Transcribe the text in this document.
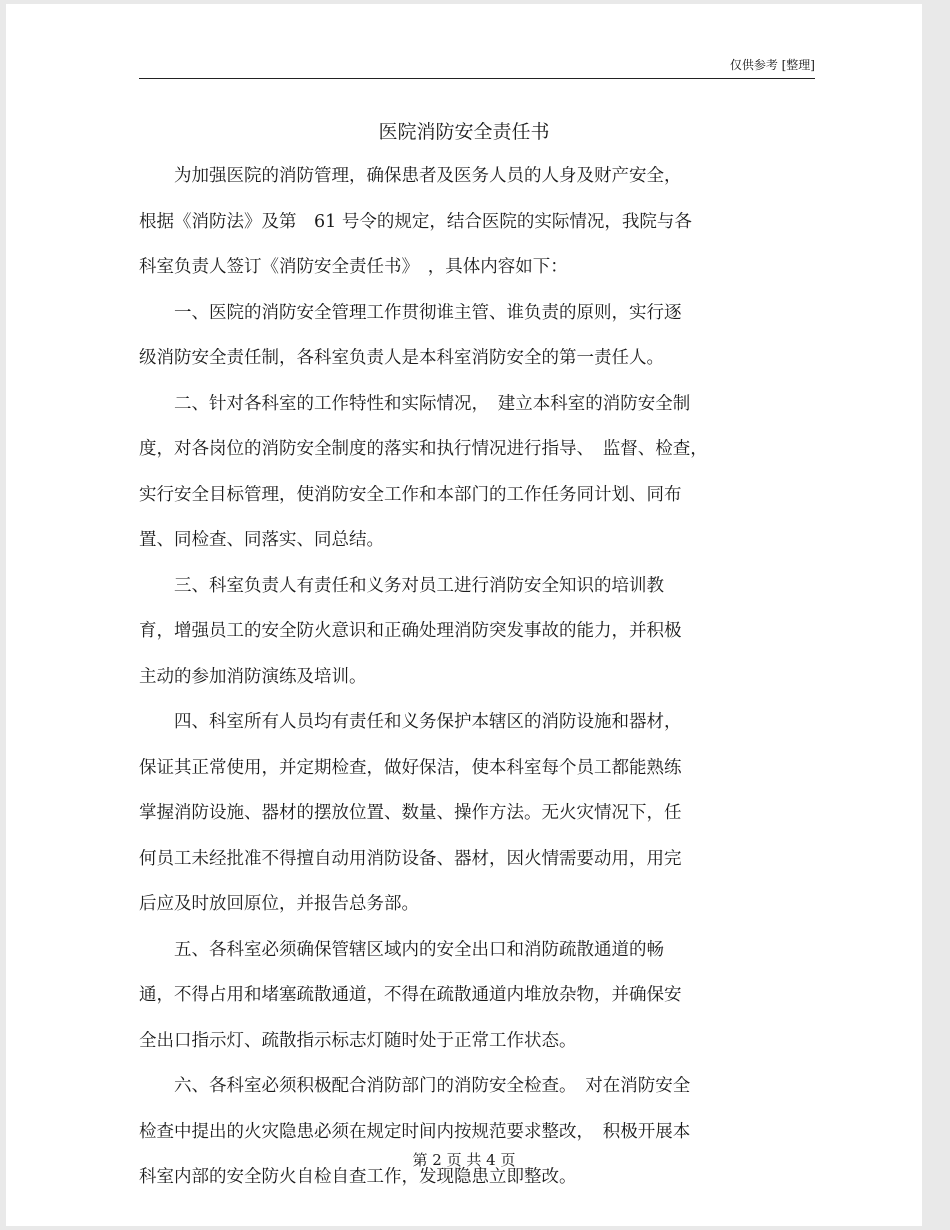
仅供参考 [整理]
医院消防安全责任书
　　为加强医院的消防管理，确保患者及医务人员的人身及财产安全，
根据《消防法》及第　61 号令的规定，结合医院的实际情况，我院与各
科室负责人签订《消防安全责任书》　，具体内容如下：
　　一、医院的消防安全管理工作贯彻谁主管、谁负责的原则，实行逐
级消防安全责任制，各科室负责人是本科室消防安全的第一责任人。
　　二、针对各科室的工作特性和实际情况，　建立本科室的消防安全制
度，对各岗位的消防安全制度的落实和执行情况进行指导、　监督、检查，
实行安全目标管理，使消防安全工作和本部门的工作任务同计划、同布
置、同检查、同落实、同总结。
　　三、科室负责人有责任和义务对员工进行消防安全知识的培训教
育，增强员工的安全防火意识和正确处理消防突发事故的能力，并积极
主动的参加消防演练及培训。
　　四、科室所有人员均有责任和义务保护本辖区的消防设施和器材，
保证其正常使用，并定期检查，做好保洁，使本科室每个员工都能熟练
掌握消防设施、器材的摆放位置、数量、操作方法。无火灾情况下，任
何员工未经批准不得擅自动用消防设备、器材，因火情需要动用，用完
后应及时放回原位，并报告总务部。
　　五、各科室必须确保管辖区域内的安全出口和消防疏散通道的畅
通，不得占用和堵塞疏散通道，不得在疏散通道内堆放杂物，并确保安
全出口指示灯、疏散指示标志灯随时处于正常工作状态。
　　六、各科室必须积极配合消防部门的消防安全检查。　对在消防安全
检查中提出的火灾隐患必须在规定时间内按规范要求整改，　积极开展本
科室内部的安全防火自检自查工作，发现隐患立即整改。
第 2 页 共 4 页
